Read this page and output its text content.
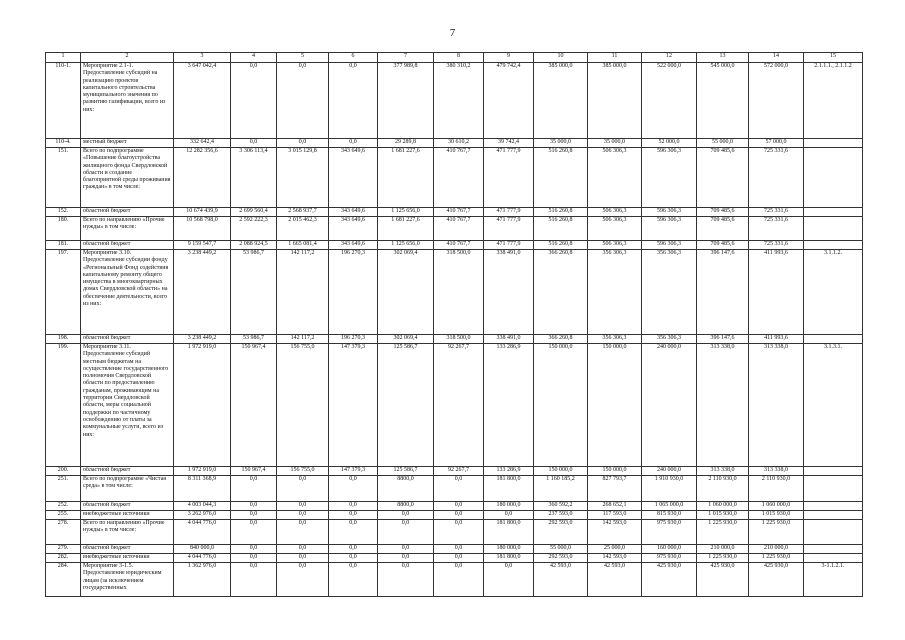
7
1	2	3	4	5	6	7	8	9	10	11	12	13	14	15
110-1.	Мероприятие 2.1-1. Предоставление субсидий на реализацию проектов капитального строительства муниципального значения по развитию газификации, всего из них:	3 647 042,4	0,0	0,0	0,0	377 989,8	380 310,2	479 742,4	385 000,0	385 000,0	522 000,0	545 000,0	572 000,0	2.1.1.1., 2.1.1.2
110-4.	местный бюджет	332 642,4	0,0	0,0	0,0	29 289,8	30 610,2	39 742,4	35 000,0	35 000,0	52 000,0	55 000,0	57 000,0	
151.	Всего по подпрограмме «Повышение благоустройства жилищного фонда Свердловской области и создание благоприятной среды проживания граждан» в том числе:	12 282 356,6	3 306 113,4	3 015 129,8	343 649,6	1 681 227,6	410 767,7	471 777,9	516 260,8	506 306,3	596 306,3	709 485,6	725 331,6	
152.	областной бюджет	10 674 439,9	2 699 560,4	2 568 937,7	343 649,6	1 125 656,0	410 767,7	471 777,9	516 260,8	506 306,3	596 306,3	709 485,6	725 331,6	
180.	Всего по направлению «Прочие нужды» в том числе:	10 568 798,0	2 592 222,3	2 015 462,3	343 649,6	1 681 227,6	410 767,7	471 777,9	516 260,8	506 306,3	596 306,3	709 485,6	725 331,6	
181.	областной бюджет	9 159 547,7	2 088 924,5	1 665 081,4	343 649,6	1 125 656,0	410 767,7	471 777,9	516 260,8	506 306,3	596 306,3	709 485,6	725 331,6	
197.	Мероприятие 3.10. Предоставление субсидии фонду «Региональный Фонд содействия капитальному ремонту общего имущества в многоквартирных домах Свердловской области» на обеспечение деятельности, всего из них:	3 238 449,2	53 986,7	142 117,2	196 270,3	302 069,4	318 500,0	338 491,0	366 260,8	356 306,3	356 306,3	396 147,6	411 993,6	3.1.1.2.
198.	областной бюджет	3 238 449,2	53 986,7	142 117,2	196 270,3	302 069,4	318 500,0	338 491,0	366 260,8	356 306,3	356 306,3	396 147,6	411 993,6	
199.	Мероприятие 3.11. Предоставление субсидий местным бюджетам на осуществление государственного полномочия Свердловской области по предоставлению гражданам, проживающим на территории Свердловской области, меры социальной поддержки по частичному освобождению от платы за коммунальные услуги, всего из них:	1 972 919,0	150 967,4	156 755,0	147 379,3	125 586,7	92 267,7	133 286,9	150 000,0	150 000,0	240 000,0	313 338,0	313 338,0	3.1.3.1.
200.	областной бюджет	1 972 919,0	150 967,4	156 755,0	147 379,3	125 586,7	92 267,7	133 286,9	150 000,0	150 000,0	240 000,0	313 338,0	313 338,0	
251.	Всего по подпрограмме «Чистая среда» в том числе:	8 311 368,9	0,0	0,0	0,0	8800,0	0,0	181 800,0	1 160 185,2	827 793,7	1 910 930,0	2 110 930,0	2 110 930,0	
252.	областной бюджет	4 003 044,3	0,0	0,0	0,0	8800,0	0,0	180 000,0	360 592,2	268 652,1	1 065 000,0	1 060 000,0	1 060 000,0	
255.	внебюджетные источники	3 262 976,0	0,0	0,0	0,0	0,0	0,0	0,0	237 593,0	117 593,0	815 930,0	1 015 930,0	1 015 930,0	
278.	Всего по направлению «Прочие нужды» в том числе:	4 044 776,0	0,0	0,0	0,0	0,0	0,0	181 800,0	292 593,0	142 593,0	975 930,0	1 225 930,0	1 225 930,0	
279.	областной бюджет	840 000,0	0,0	0,0	0,0	0,0	0,0	180 000,0	55 000,0	25 000,0	160 000,0	210 000,0	210 000,0	
282.	внебюджетные источники	4 044 776,0	0,0	0,0	0,0	0,0	0,0	181 800,0	292 593,0	142 593,0	975 930,0	1 225 930,0	1 225 930,0	
284.	Мероприятие 3-1.5. Предоставление юридическим лицам (за исключением государственных	1 362 976,0	0,0	0,0	0,0	0,0	0,0	0,0	42 593,0	42 593,0	425 930,0	425 930,0	425 930,0	3-1.1.2.1.
